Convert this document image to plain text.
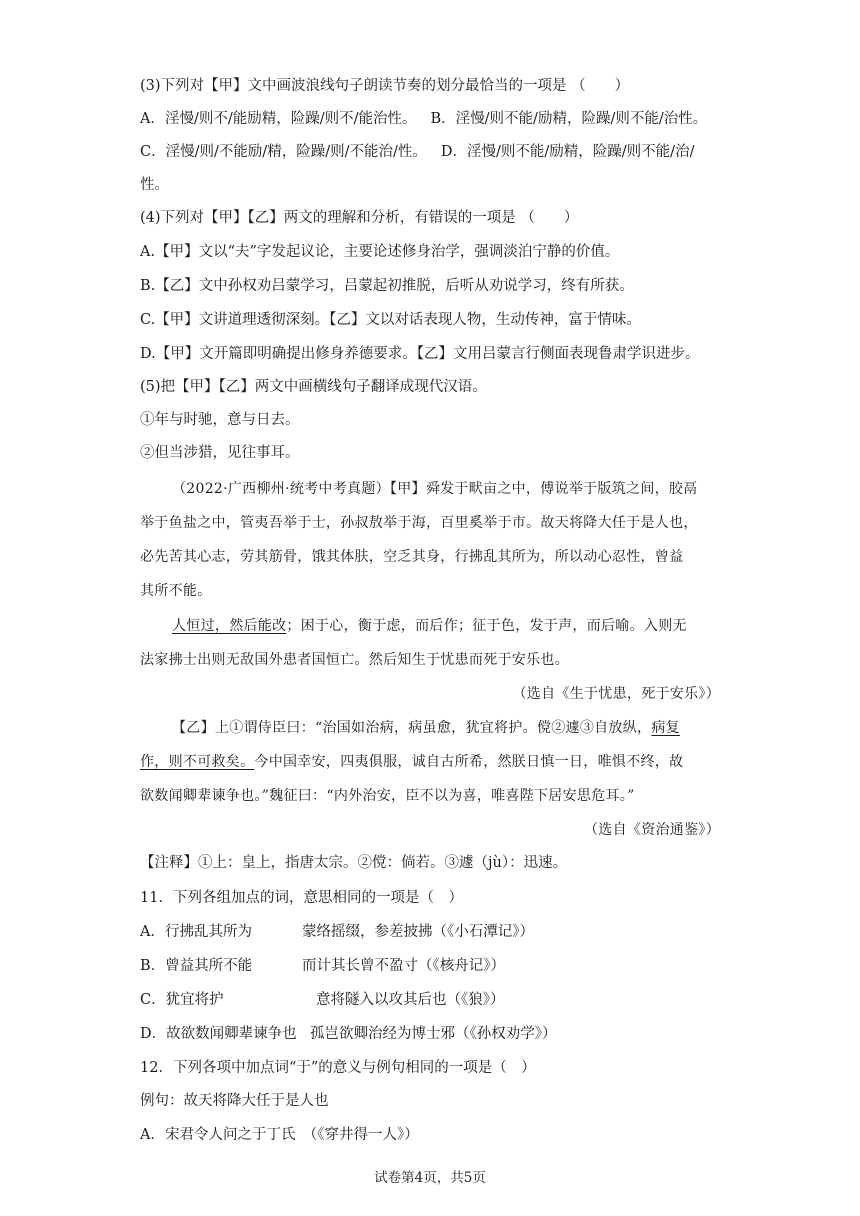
(3)下列对【甲】文中画波浪线句子朗读节奏的划分最恰当的一项是 （　　）
A．淫慢/则不/能励精，险躁/则不/能治性。 B．淫慢/则不能/励精，险躁/则不能/治性。
C．淫慢/则/不能励/精，险躁/则/不能治/性。 D．淫慢/则不能/励精，险躁/则不能/治/
性。
(4)下列对【甲】【乙】两文的理解和分析，有错误的一项是 （　　）
A.【甲】文以“夫”字发起议论，主要论述修身治学，强调淡泊宁静的价值。
B.【乙】文中孙权劝吕蒙学习，吕蒙起初推脱，后听从劝说学习，终有所获。
C.【甲】文讲道理透彻深刻。【乙】文以对话表现人物，生动传神，富于情味。
D.【甲】文开篇即明确提出修身养德要求。【乙】文用吕蒙言行侧面表现鲁肃学识进步。
(5)把【甲】【乙】两文中画横线句子翻译成现代汉语。
①年与时驰，意与日去。
②但当涉猎，见往事耳。
（2022·广西柳州·统考中考真题）【甲】舜发于畎亩之中，傅说举于版筑之间，胶鬲
举于鱼盐之中，管夷吾举于士，孙叔敖举于海，百里奚举于市。故天将降大任于是人也，
必先苦其心志，劳其筋骨，饿其体肤，空乏其身，行拂乱其所为，所以动心忍性，曾益
其所不能。
人恒过，然后能改；困于心，衡于虑，而后作；征于色，发于声，而后喻。入则无
法家拂士出则无敌国外患者国恒亡。然后知生于忧患而死于安乐也。
（选自《生于忧患，死于安乐》）
【乙】上①谓侍臣曰：“治国如治病，病虽愈，犹宜将护。傥②遽③自放纵，病复
作，则不可救矣。今中国幸安，四夷俱服，诚自古所希，然朕日慎一日，唯惧不终，故
欲数闻卿辈谏争也。”魏征曰：“内外治安，臣不以为喜，唯喜陛下居安思危耳。”
（选自《资治通鉴》）
【注释】①上：皇上，指唐太宗。②傥：倘若。③遽（jù）：迅速。
11．下列各组加点的词，意思相同的一项是（　）
A．行拂乱其所为	蒙络摇缀，参差披拂（《小石潭记》）
B．曾益其所不能	而计其长曾不盈寸（《核舟记》）
C．犹宜将护	意将隧入以攻其后也（《狼》）
D．故欲数闻卿辈谏争也 孤岂欲卿治经为博士邪（《孙权劝学》）
12．下列各项中加点词“于”的意义与例句相同的一项是（　）
例句：故天将降大任于是人也
A．宋君令人问之于丁氏　（《穿井得一人》）
试卷第4页，共5页
